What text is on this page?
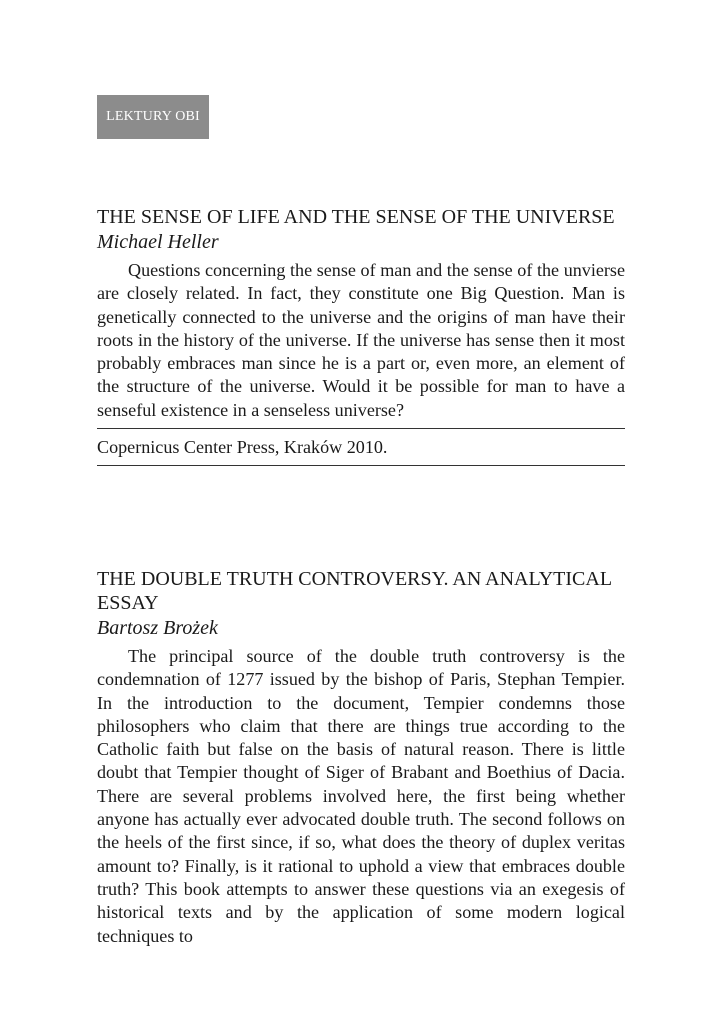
LEKTURY OBI
THE SENSE OF LIFE AND THE SENSE OF THE UNIVERSE
Michael Heller

Questions concerning the sense of man and the sense of the unvierse are closely related. In fact, they constitute one Big Question. Man is genetically connected to the universe and the origins of man have their roots in the history of the universe. If the universe has sense then it most probably embraces man since he is a part or, even more, an element of the structure of the universe. Would it be possible for man to have a senseful existence in a senseless universe?

Copernicus Center Press, Kraków 2010.
THE DOUBLE TRUTH CONTROVERSY. AN ANALYTICAL ESSAY
Bartosz Brożek

The principal source of the double truth controversy is the condemnation of 1277 issued by the bishop of Paris, Stephan Tempier. In the introduction to the document, Tempier condemns those philosophers who claim that there are things true according to the Catholic faith but false on the basis of natural reason. There is little doubt that Tempier thought of Siger of Brabant and Boethius of Dacia. There are several problems involved here, the first being whether anyone has actually ever advocated double truth. The second follows on the heels of the first since, if so, what does the theory of duplex veritas amount to? Finally, is it rational to uphold a view that embraces double truth? This book attempts to answer these questions via an exegesis of historical texts and by the application of some modern logical techniques to
